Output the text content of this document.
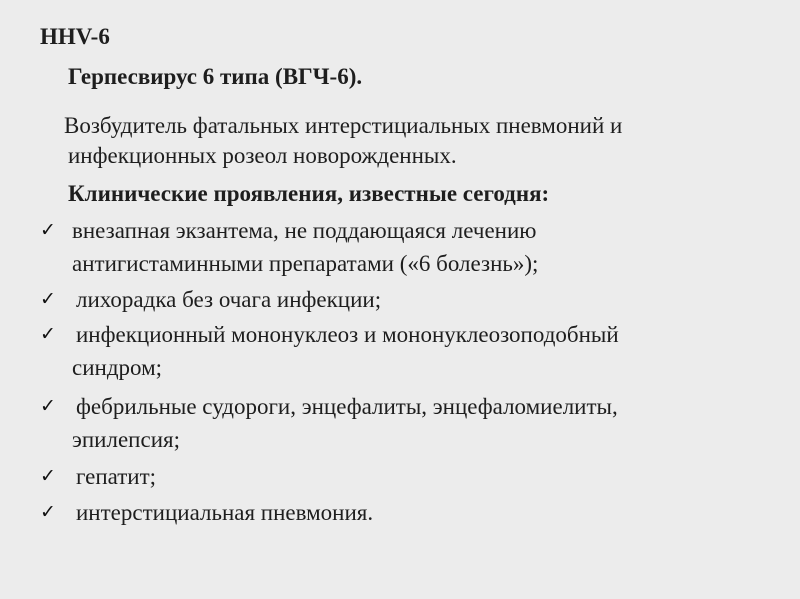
HHV-6
Герпесвирус 6 типа (ВГЧ-6).

Возбудитель фатальных интерстициальных пневмоний и
инфекционных розеол новорожденных.

Клинические проявления, известные сегодня:
✓ внезапная экзантема, не поддающаяся лечению
антигистаминными препаратами («6 болезнь»);
✓ лихорадка без очага инфекции;
✓ инфекционный мононуклеоз и мононуклеозоподобный
синдром;
✓ фебрильные судороги, энцефалиты, энцефаломиелиты,
эпилепсия;
✓ гепатит;
✓ интерстициальная пневмония.
